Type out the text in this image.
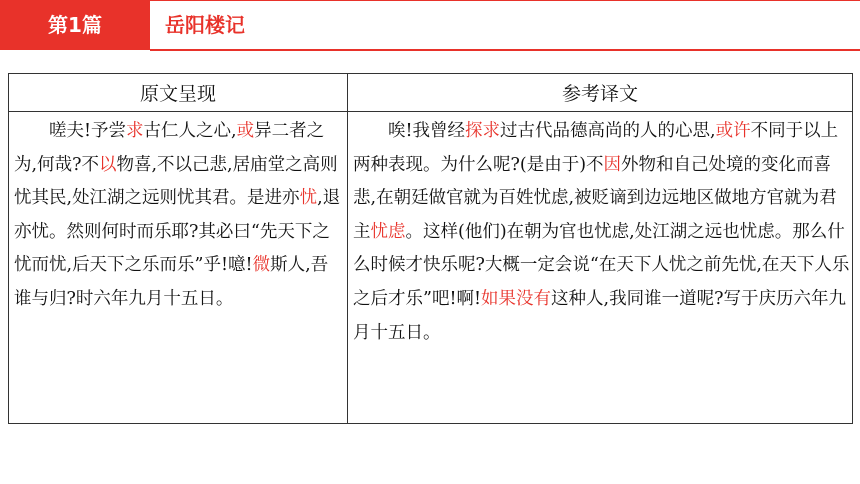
第1篇	岳阳楼记
原文呈现	参考译文

嗟夫!予尝求古仁人之心,或异二者之为,何哉?不以物喜,不以己悲,居庙堂之高则忧其民,处江湖之远则忧其君。是进亦忧,退亦忧。然则何时而乐耶?其必曰“先天下之忧而忧,后天下之乐而乐”乎!噫!微斯人,吾谁与归?时六年九月十五日。	唉!我曾经探求过古代品德高尚的人的心思,或许不同于以上两种表现。为什么呢?(是由于)不因外物和自己处境的变化而喜悲,在朝廷做官就为百姓忧虑,被贬谪到边远地区做地方官就为君主忧虑。这样(他们)在朝为官也忧虑,处江湖之远也忧虑。那么什么时候才快乐呢?大概一定会说“在天下人忧之前先忧,在天下人乐之后才乐”吧!啊!如果没有这种人,我同谁一道呢?写于庆历六年九月十五日。
